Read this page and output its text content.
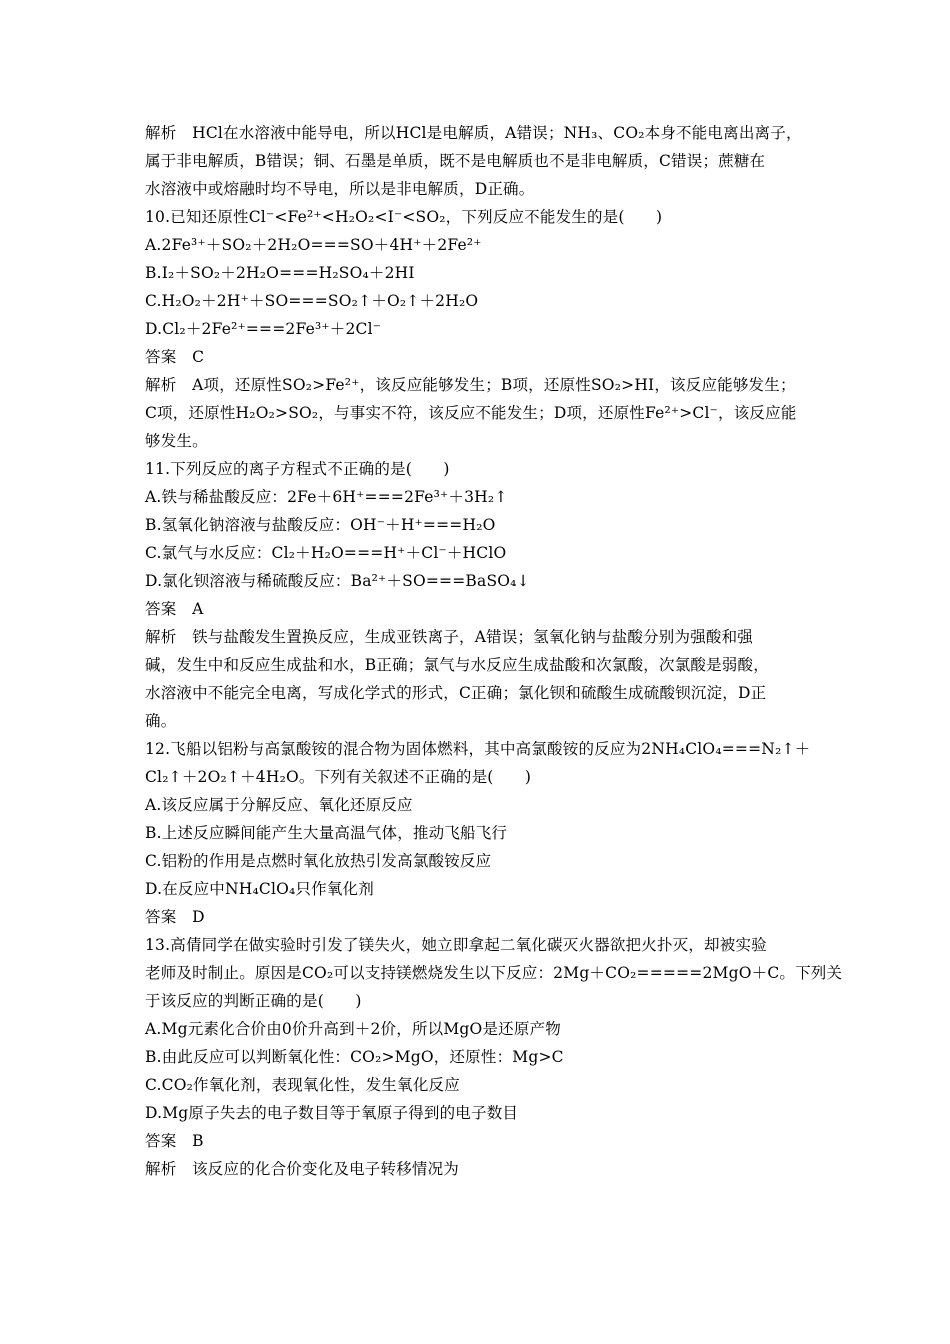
解析　HCl在水溶液中能导电，所以HCl是电解质，A错误；NH₃、CO₂本身不能电离出离子，
属于非电解质，B错误；铜、石墨是单质，既不是电解质也不是非电解质，C错误；蔗糖在
水溶液中或熔融时均不导电，所以是非电解质，D正确。
10.已知还原性Cl⁻<Fe²⁺<H₂O₂<I⁻<SO₂，下列反应不能发生的是(　　)
A.2Fe³⁺＋SO₂＋2H₂O===SO＋4H⁺＋2Fe²⁺
B.I₂＋SO₂＋2H₂O===H₂SO₄＋2HI
C.H₂O₂＋2H⁺＋SO===SO₂↑＋O₂↑＋2H₂O
D.Cl₂＋2Fe²⁺===2Fe³⁺＋2Cl⁻
答案　C
解析　A项，还原性SO₂>Fe²⁺，该反应能够发生；B项，还原性SO₂>HI，该反应能够发生；
C项，还原性H₂O₂>SO₂，与事实不符，该反应不能发生；D项，还原性Fe²⁺>Cl⁻，该反应能
够发生。
11.下列反应的离子方程式不正确的是(　　)
A.铁与稀盐酸反应：2Fe＋6H⁺===2Fe³⁺＋3H₂↑
B.氢氧化钠溶液与盐酸反应：OH⁻＋H⁺===H₂O
C.氯气与水反应：Cl₂＋H₂O===H⁺＋Cl⁻＋HClO
D.氯化钡溶液与稀硫酸反应：Ba²⁺＋SO===BaSO₄↓
答案　A
解析　铁与盐酸发生置换反应，生成亚铁离子，A错误；氢氧化钠与盐酸分别为强酸和强
碱，发生中和反应生成盐和水，B正确；氯气与水反应生成盐酸和次氯酸，次氯酸是弱酸，
水溶液中不能完全电离，写成化学式的形式，C正确；氯化钡和硫酸生成硫酸钡沉淀，D正
确。
12.飞船以铝粉与高氯酸铵的混合物为固体燃料，其中高氯酸铵的反应为2NH₄ClO₄===N₂↑＋
Cl₂↑＋2O₂↑＋4H₂O。下列有关叙述不正确的是(　　)
A.该反应属于分解反应、氧化还原反应
B.上述反应瞬间能产生大量高温气体，推动飞船飞行
C.铝粉的作用是点燃时氧化放热引发高氯酸铵反应
D.在反应中NH₄ClO₄只作氧化剂
答案　D
13.高倩同学在做实验时引发了镁失火，她立即拿起二氧化碳灭火器欲把火扑灭，却被实验
老师及时制止。原因是CO₂可以支持镁燃烧发生以下反应：2Mg＋CO₂=====2MgO＋C。下列关
于该反应的判断正确的是(　　)
A.Mg元素化合价由0价升高到＋2价，所以MgO是还原产物
B.由此反应可以判断氧化性：CO₂>MgO，还原性：Mg>C
C.CO₂作氧化剂，表现氧化性，发生氧化反应
D.Mg原子失去的电子数目等于氧原子得到的电子数目
答案　B
解析　该反应的化合价变化及电子转移情况为
